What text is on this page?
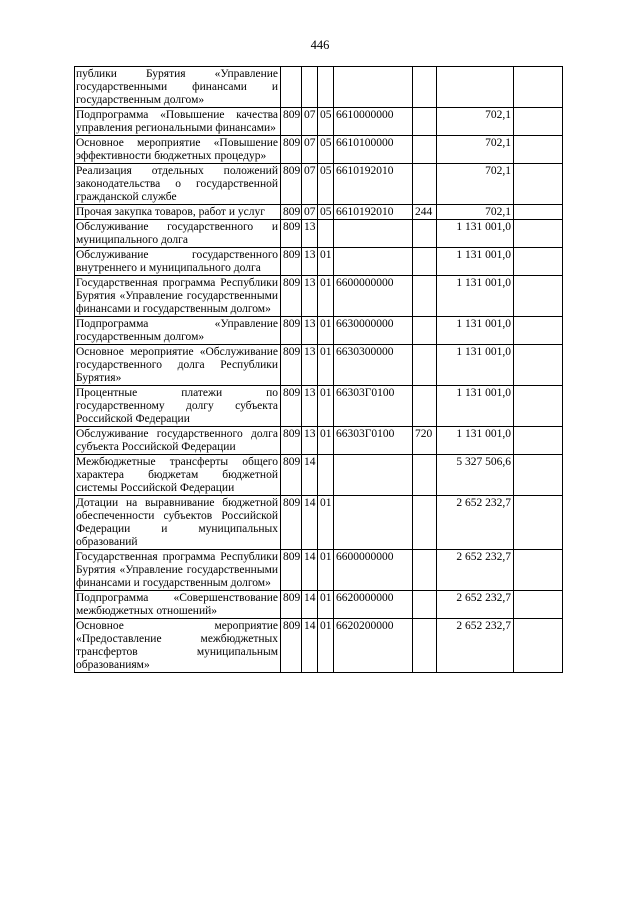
446
публики Бурятия «Управление государственными финансами и государственным долгом»							
Подпрограмма «Повышение качества управления региональными финансами»	809	07	05	6610000000		702,1	
Основное мероприятие «Повышение эффективности бюджетных процедур»	809	07	05	6610100000		702,1	
Реализация отдельных положений законодательства о государственной гражданской службе	809	07	05	6610192010		702,1	
Прочая закупка товаров, работ и услуг	809	07	05	6610192010	244	702,1	
Обслуживание государственного и муниципального долга	809	13				1 131 001,0	
Обслуживание государственного внутреннего и муниципального долга	809	13	01			1 131 001,0	
Государственная программа Республики Бурятия «Управление государственными финансами и государственным долгом»	809	13	01	6600000000		1 131 001,0	
Подпрограмма «Управление государственным долгом»	809	13	01	6630000000		1 131 001,0	
Основное мероприятие «Обслуживание государственного долга Республики Бурятия»	809	13	01	6630300000		1 131 001,0	
Процентные платежи по государственному долгу субъекта Российской Федерации	809	13	01	66303Г0100		1 131 001,0	
Обслуживание государственного долга субъекта Российской Федерации	809	13	01	66303Г0100	720	1 131 001,0	
Межбюджетные трансферты общего характера бюджетам бюджетной системы Российской Федерации	809	14				5 327 506,6	
Дотации на выравнивание бюджетной обеспеченности субъектов Российской Федерации и муниципальных образований	809	14	01			2 652 232,7	
Государственная программа Республики Бурятия «Управление государственными финансами и государственным долгом»	809	14	01	6600000000		2 652 232,7	
Подпрограмма «Совершенствование межбюджетных отношений»	809	14	01	6620000000		2 652 232,7	
Основное мероприятие «Предоставление межбюджетных трансфертов муниципальным образованиям»	809	14	01	6620200000		2 652 232,7	
